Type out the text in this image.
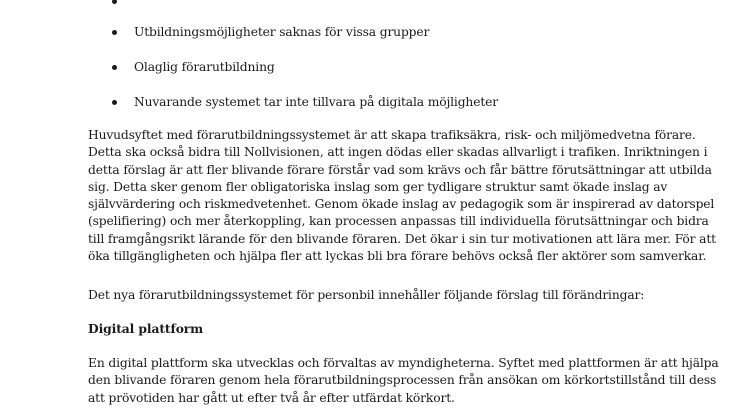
Utbildningsmöjligheter saknas för vissa grupper
Olaglig förarutbildning
Nuvarande systemet tar inte tillvara på digitala möjligheter
Huvudsyftet med förarutbildningssystemet är att skapa trafiksäkra, risk- och miljömedvetna förare.
Detta ska också bidra till Nollvisionen, att ingen dödas eller skadas allvarligt i trafiken. Inriktningen i
detta förslag är att fler blivande förare förstår vad som krävs och får bättre förutsättningar att utbilda
sig. Detta sker genom fler obligatoriska inslag som ger tydligare struktur samt ökade inslag av
självvärdering och riskmedvetenhet. Genom ökade inslag av pedagogik som är inspirerad av datorspel
(spelifiering) och mer återkoppling, kan processen anpassas till individuella förutsättningar och bidra
till framgångsrikt lärande för den blivande föraren. Det ökar i sin tur motivationen att lära mer. För att
öka tillgängligheten och hjälpa fler att lyckas bli bra förare behövs också fler aktörer som samverkar.
Det nya förarutbildningssystemet för personbil innehåller följande förslag till förändringar:
Digital plattform
En digital plattform ska utvecklas och förvaltas av myndigheterna. Syftet med plattformen är att hjälpa
den blivande föraren genom hela förarutbildningsprocessen från ansökan om körkortstillstånd till dess
att prövotiden har gått ut efter två år efter utfärdat körkort.
